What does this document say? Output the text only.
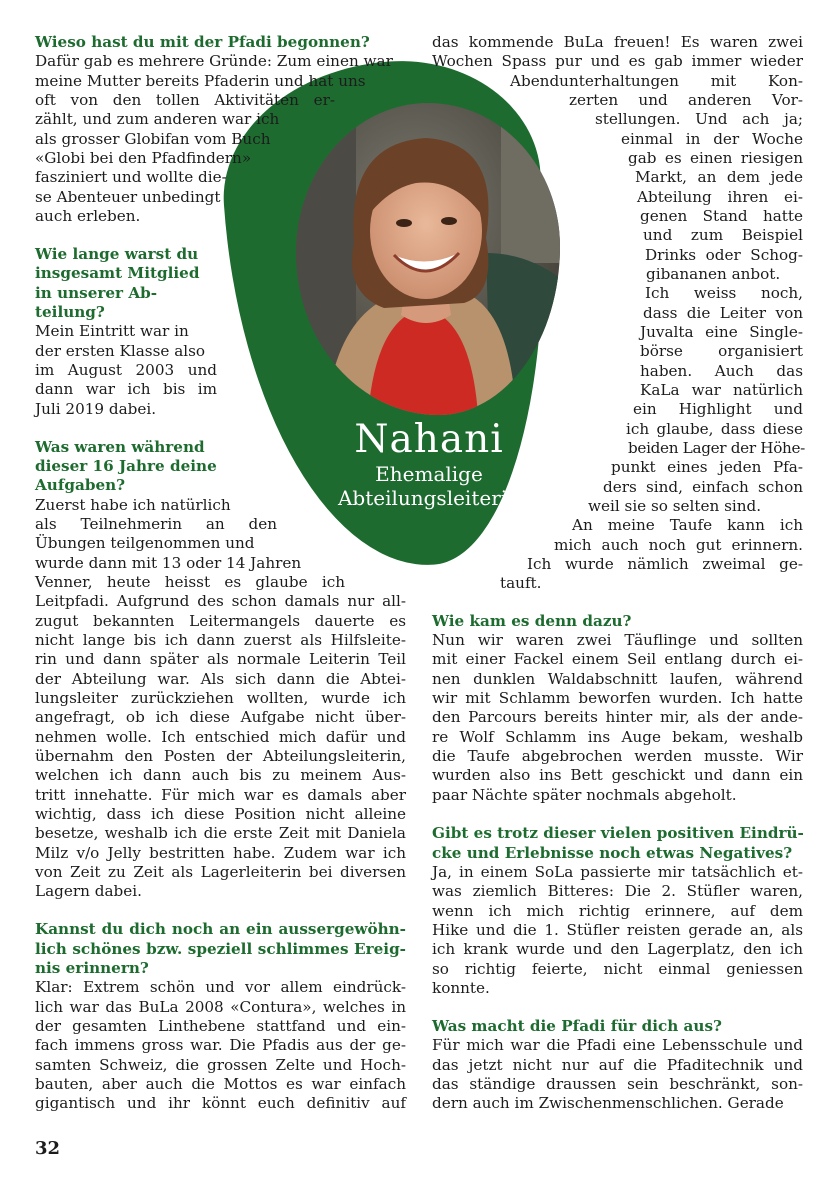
Nahani
Ehemalige
Abteilungsleiterin
Wieso hast du mit der Pfadi begonnen?
Dafür gab es mehrere Gründe: Zum einen war
meine Mutter bereits Pfaderin und hat uns
oft von den tollen Aktivitäten er-
zählt, und zum anderen war ich
als grosser Globifan vom Buch
«Globi bei den Pfadfindern»
fasziniert und wollte die-
se Abenteuer unbedingt
auch erleben.
Wie lange warst du
insgesamt Mitglied
in unserer Ab-
teilung?
Mein Eintritt war in
der ersten Klasse also
im August 2003 und
dann war ich bis im
Juli 2019 dabei.
Was waren während
dieser 16 Jahre deine
Aufgaben?
Zuerst habe ich natürlich
als Teilnehmerin an den
Übungen teilgenommen und
wurde dann mit 13 oder 14 Jahren
Venner, heute heisst es glaube ich
Leitpfadi. Aufgrund des schon damals nur all-
zugut bekannten Leitermangels dauerte es
nicht lange bis ich dann zuerst als Hilfsleite-
rin und dann später als normale Leiterin Teil
der Abteilung war. Als sich dann die Abtei-
lungsleiter zurückziehen wollten, wurde ich
angefragt, ob ich diese Aufgabe nicht über-
nehmen wolle. Ich entschied mich dafür und
übernahm den Posten der Abteilungsleiterin,
welchen ich dann auch bis zu meinem Aus-
tritt innehatte. Für mich war es damals aber
wichtig, dass ich diese Position nicht alleine
besetze, weshalb ich die erste Zeit mit Daniela
Milz v/o Jelly bestritten habe. Zudem war ich
von Zeit zu Zeit als Lagerleiterin bei diversen
Lagern dabei.
Kannst du dich noch an ein aussergewöhn-
lich schönes bzw. speziell schlimmes Ereig-
nis erinnern?
Klar: Extrem schön und vor allem eindrück-
lich war das BuLa 2008 «Contura», welches in
der gesamten Linthebene stattfand und ein-
fach immens gross war. Die Pfadis aus der ge-
samten Schweiz, die grossen Zelte und Hoch-
bauten, aber auch die Mottos es war einfach
gigantisch und ihr könnt euch definitiv auf
das kommende BuLa freuen! Es waren zwei
Wochen Spass pur und es gab immer wieder
Abendunterhaltungen mit Kon-
zerten und anderen Vor-
stellungen. Und ach ja;
einmal in der Woche
gab es einen riesigen
Markt, an dem jede
Abteilung ihren ei-
genen Stand hatte
und zum Beispiel
Drinks oder Schog-
gibananen anbot.
Ich weiss noch,
dass die Leiter von
Juvalta eine Single-
börse organisiert
haben. Auch das
KaLa war natürlich
ein Highlight und
ich glaube, dass diese
beiden Lager der Höhe-
punkt eines jeden Pfa-
ders sind, einfach schon
weil sie so selten sind.
An meine Taufe kann ich
mich auch noch gut erinnern.
Ich wurde nämlich zweimal ge-
tauft.
Wie kam es denn dazu?
Nun wir waren zwei Täuflinge und sollten
mit einer Fackel einem Seil entlang durch ei-
nen dunklen Waldabschnitt laufen, während
wir mit Schlamm beworfen wurden. Ich hatte
den Parcours bereits hinter mir, als der ande-
re Wolf Schlamm ins Auge bekam, weshalb
die Taufe abgebrochen werden musste. Wir
wurden also ins Bett geschickt und dann ein
paar Nächte später nochmals abgeholt.
Gibt es trotz dieser vielen positiven Eindrü-
cke und Erlebnisse noch etwas Negatives?
Ja, in einem SoLa passierte mir tatsächlich et-
was ziemlich Bitteres: Die 2. Stüfler waren,
wenn ich mich richtig erinnere, auf dem
Hike und die 1. Stüfler reisten gerade an, als
ich krank wurde und den Lagerplatz, den ich
so richtig feierte, nicht einmal geniessen
konnte.
Was macht die Pfadi für dich aus?
Für mich war die Pfadi eine Lebensschule und
das jetzt nicht nur auf die Pfaditechnik und
das ständige draussen sein beschränkt, son-
dern auch im Zwischenmenschlichen. Gerade
32
